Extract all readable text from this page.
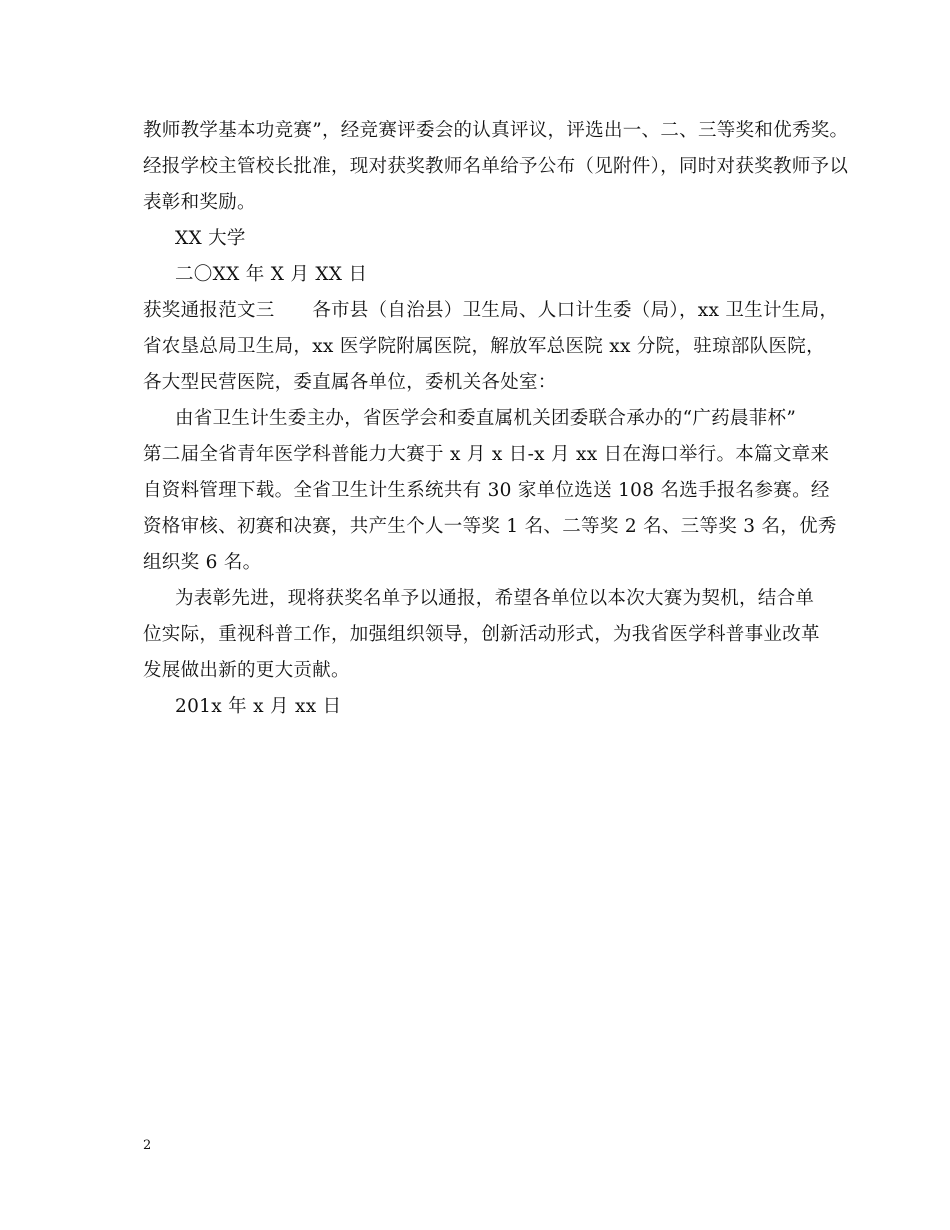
教师教学基本功竞赛”，经竞赛评委会的认真评议，评选出一、二、三等奖和优秀奖。
经报学校主管校长批准，现对获奖教师名单给予公布（见附件），同时对获奖教师予以
表彰和奖励。
XX 大学
二〇XX 年 X 月 XX 日
获奖通报范文三　　各市县（自治县）卫生局、人口计生委（局），xx 卫生计生局，
省农垦总局卫生局，xx 医学院附属医院，解放军总医院 xx 分院，驻琼部队医院，
各大型民营医院，委直属各单位，委机关各处室：
由省卫生计生委主办，省医学会和委直属机关团委联合承办的“广药晨菲杯”
第二届全省青年医学科普能力大赛于 x 月 x 日-x 月 xx 日在海口举行。本篇文章来
自资料管理下载。全省卫生计生系统共有 30 家单位选送 108 名选手报名参赛。经
资格审核、初赛和决赛，共产生个人一等奖 1 名、二等奖 2 名、三等奖 3 名，优秀
组织奖 6 名。
为表彰先进，现将获奖名单予以通报，希望各单位以本次大赛为契机，结合单
位实际，重视科普工作，加强组织领导，创新活动形式，为我省医学科普事业改革
发展做出新的更大贡献。
201x 年 x 月 xx 日
2
